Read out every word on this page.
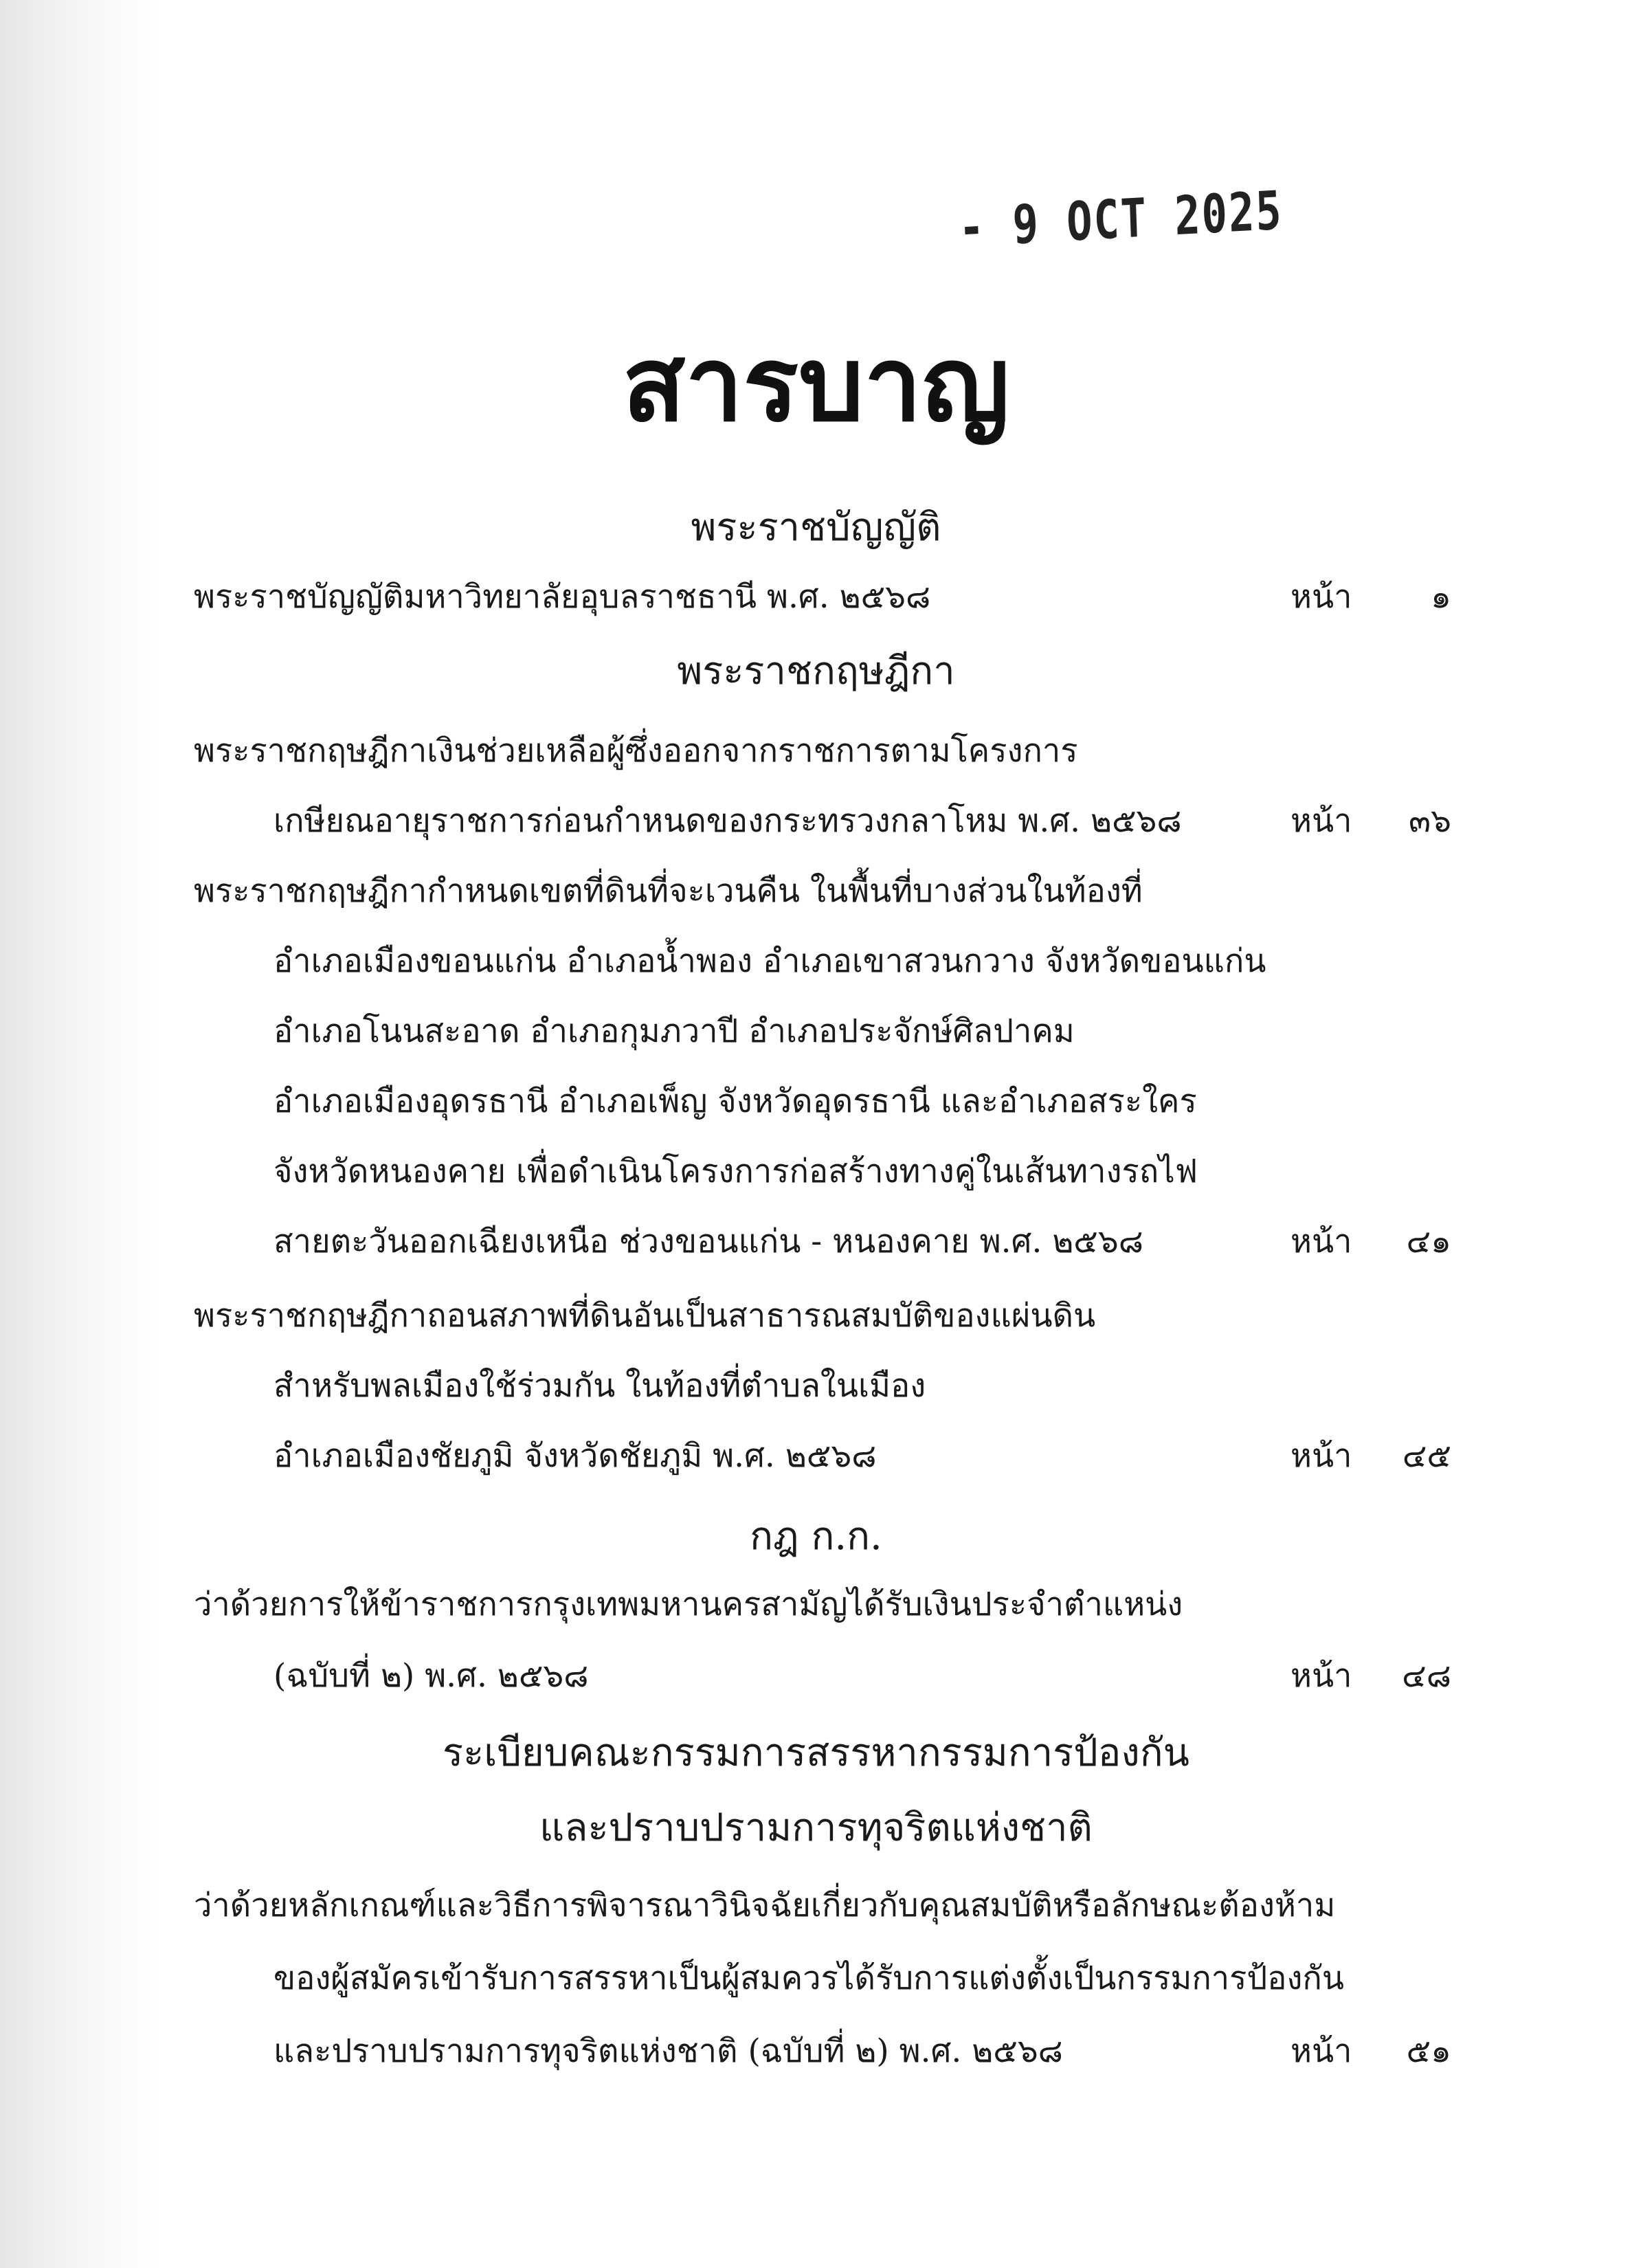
- 9 OCT 2025
สารบาญ
พระราชบัญญัติ
พระราชบัญญัติมหาวิทยาลัยอุบลราชธานี พ.ศ. ๒๕๖๘	หน้า ๑
พระราชกฤษฎีกา
พระราชกฤษฎีกาเงินช่วยเหลือผู้ซึ่งออกจากราชการตามโครงการ
เกษียณอายุราชการก่อนกำหนดของกระทรวงกลาโหม พ.ศ. ๒๕๖๘	หน้า ๓๖
พระราชกฤษฎีกากำหนดเขตที่ดินที่จะเวนคืน ในพื้นที่บางส่วนในท้องที่
อำเภอเมืองขอนแก่น อำเภอน้ำพอง อำเภอเขาสวนกวาง จังหวัดขอนแก่น
อำเภอโนนสะอาด อำเภอกุมภวาปี อำเภอประจักษ์ศิลปาคม
อำเภอเมืองอุดรธานี อำเภอเพ็ญ จังหวัดอุดรธานี และอำเภอสระใคร
จังหวัดหนองคาย เพื่อดำเนินโครงการก่อสร้างทางคู่ในเส้นทางรถไฟ
สายตะวันออกเฉียงเหนือ ช่วงขอนแก่น - หนองคาย พ.ศ. ๒๕๖๘	หน้า ๔๑
พระราชกฤษฎีกาถอนสภาพที่ดินอันเป็นสาธารณสมบัติของแผ่นดิน
สำหรับพลเมืองใช้ร่วมกัน ในท้องที่ตำบลในเมือง
อำเภอเมืองชัยภูมิ จังหวัดชัยภูมิ พ.ศ. ๒๕๖๘	หน้า ๔๕
กฎ ก.ก.
ว่าด้วยการให้ข้าราชการกรุงเทพมหานครสามัญได้รับเงินประจำตำแหน่ง
(ฉบับที่ ๒) พ.ศ. ๒๕๖๘	หน้า ๔๘
ระเบียบคณะกรรมการสรรหากรรมการป้องกัน
และปราบปรามการทุจริตแห่งชาติ
ว่าด้วยหลักเกณฑ์และวิธีการพิจารณาวินิจฉัยเกี่ยวกับคุณสมบัติหรือลักษณะต้องห้าม
ของผู้สมัครเข้ารับการสรรหาเป็นผู้สมควรได้รับการแต่งตั้งเป็นกรรมการป้องกัน
และปราบปรามการทุจริตแห่งชาติ (ฉบับที่ ๒) พ.ศ. ๒๕๖๘	หน้า ๕๑
